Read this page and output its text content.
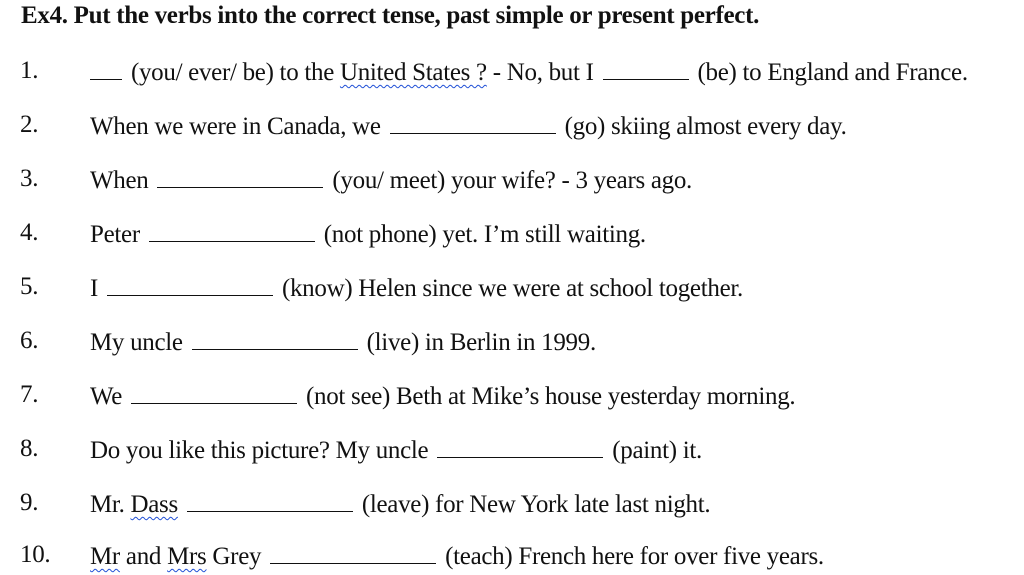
Ex4. Put the verbs into the correct tense, past simple or present perfect.
1.	(you/ ever/ be) to the United States ? - No, but I	(be) to England and France.
2. When we were in Canada, we	(go) skiing almost every day.
3. When	(you/ meet) your wife? - 3 years ago.
4. Peter	(not phone) yet. I’m still waiting.
5. I	(know) Helen since we were at school together.
6. My uncle	(live) in Berlin in 1999.
7. We	(not see) Beth at Mike’s house yesterday morning.
8. Do you like this picture? My uncle	(paint) it.
9. Mr. Dass	(leave) for New York late last night.
10. Mr and Mrs Grey	(teach) French here for over five years.
